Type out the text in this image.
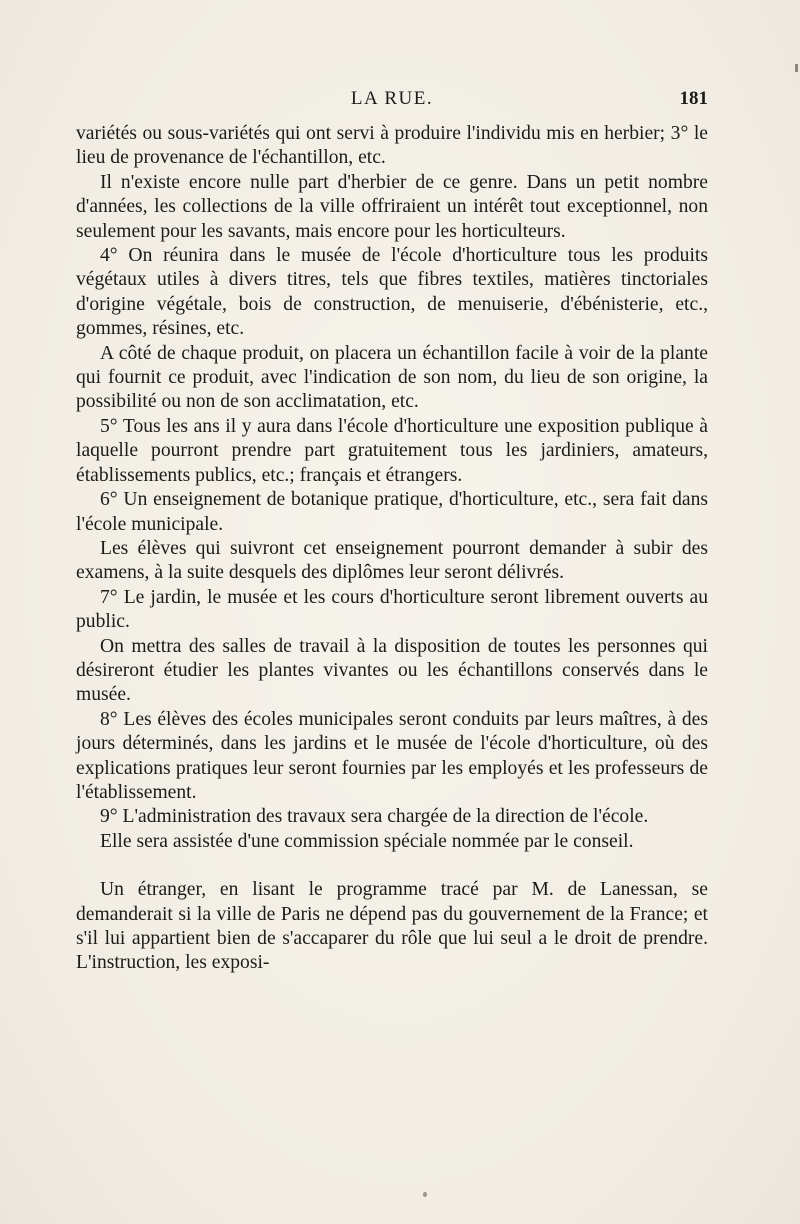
LA RUE.	181

variétés ou sous-variétés qui ont servi à produire l'individu mis en herbier; 3° le lieu de provenance de l'échantillon, etc.

Il n'existe encore nulle part d'herbier de ce genre. Dans un petit nombre d'années, les collections de la ville offriraient un intérêt tout exceptionnel, non seulement pour les savants, mais encore pour les horticulteurs.

4° On réunira dans le musée de l'école d'horticulture tous les produits végétaux utiles à divers titres, tels que fibres textiles, matières tinctoriales d'origine végétale, bois de construction, de menuiserie, d'ébénisterie, etc., gommes, résines, etc.

A côté de chaque produit, on placera un échantillon facile à voir de la plante qui fournit ce produit, avec l'indication de son nom, du lieu de son origine, la possibilité ou non de son acclimatation, etc.

5° Tous les ans il y aura dans l'école d'horticulture une exposition publique à laquelle pourront prendre part gratuitement tous les jardiniers, amateurs, établissements publics, etc.; français et étrangers.

6° Un enseignement de botanique pratique, d'horticulture, etc., sera fait dans l'école municipale.

Les élèves qui suivront cet enseignement pourront demander à subir des examens, à la suite desquels des diplômes leur seront délivrés.

7° Le jardin, le musée et les cours d'horticulture seront librement ouverts au public.

On mettra des salles de travail à la disposition de toutes les personnes qui désireront étudier les plantes vivantes ou les échantillons conservés dans le musée.

8° Les élèves des écoles municipales seront conduits par leurs maîtres, à des jours déterminés, dans les jardins et le musée de l'école d'horticulture, où des explications pratiques leur seront fournies par les employés et les professeurs de l'établissement.

9° L'administration des travaux sera chargée de la direction de l'école.

Elle sera assistée d'une commission spéciale nommée par le conseil.

Un étranger, en lisant le programme tracé par M. de Lanessan, se demanderait si la ville de Paris ne dépend pas du gouvernement de la France; et s'il lui appartient bien de s'accaparer du rôle que lui seul a le droit de prendre. L'instruction, les exposi-
